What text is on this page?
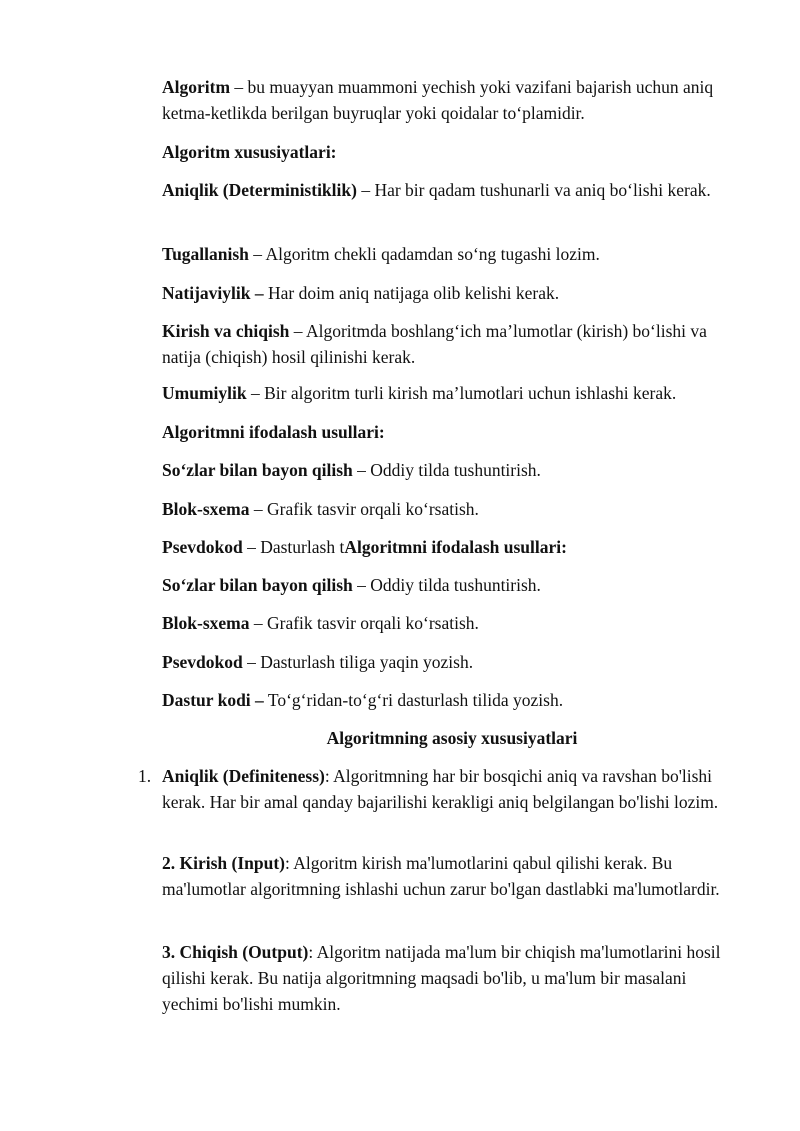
Algoritm – bu muayyan muammoni yechish yoki vazifani bajarish uchun aniq ketma-ketlikda berilgan buyruqlar yoki qoidalar to‘plamidir.

Algoritm xususiyatlari:

Aniqlik (Deterministiklik) – Har bir qadam tushunarli va aniq bo‘lishi kerak.

Tugallanish – Algoritm chekli qadamdan so‘ng tugashi lozim.

Natijaviylik – Har doim aniq natijaga olib kelishi kerak.

Kirish va chiqish – Algoritmda boshlang‘ich ma’lumotlar (kirish) bo‘lishi va natija (chiqish) hosil qilinishi kerak.

Umumiylik – Bir algoritm turli kirish ma’lumotlari uchun ishlashi kerak.

Algoritmni ifodalash usullari:

So‘zlar bilan bayon qilish – Oddiy tilda tushuntirish.

Blok-sxema – Grafik tasvir orqali ko‘rsatish.

Psevdokod – Dasturlash tAlgoritmni ifodalash usullari:

So‘zlar bilan bayon qilish – Oddiy tilda tushuntirish.

Blok-sxema – Grafik tasvir orqali ko‘rsatish.

Psevdokod – Dasturlash tiliga yaqin yozish.

Dastur kodi – To‘g‘ridan-to‘g‘ri dasturlash tilida yozish.

Algoritmning asosiy xususiyatlari
1. Aniqlik (Definiteness): Algoritmning har bir bosqichi aniq va ravshan bo'lishi kerak. Har bir amal qanday bajarilishi kerakligi aniq belgilangan bo'lishi lozim.

2. Kirish (Input): Algoritm kirish ma'lumotlarini qabul qilishi kerak. Bu ma'lumotlar algoritmning ishlashi uchun zarur bo'lgan dastlabki ma'lumotlardir.

3. Chiqish (Output): Algoritm natijada ma'lum bir chiqish ma'lumotlarini hosil qilishi kerak. Bu natija algoritmning maqsadi bo'lib, u ma'lum bir masalani yechimi bo'lishi mumkin.
